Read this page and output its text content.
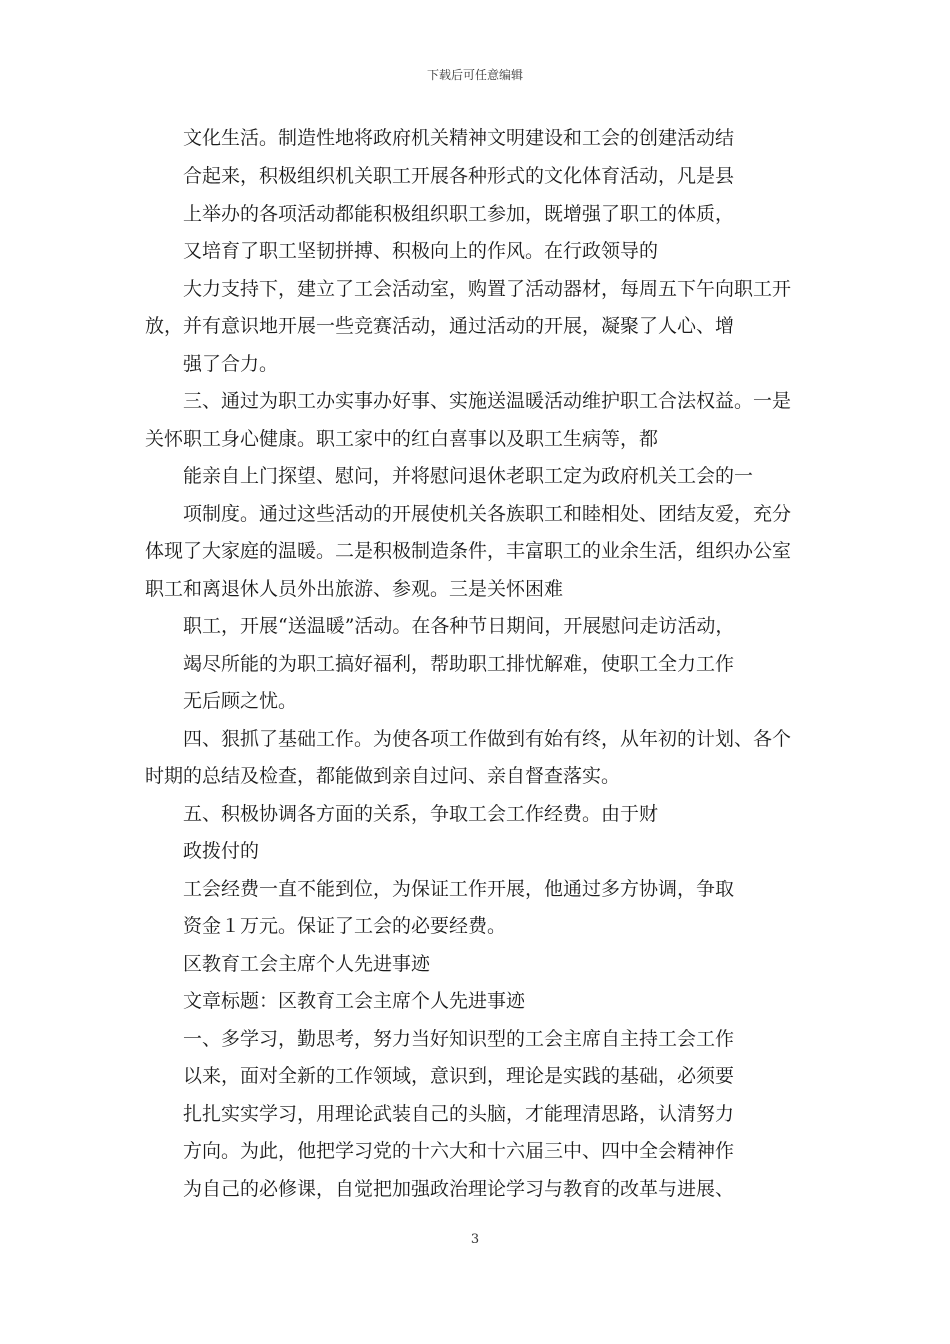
下载后可任意编辑
文化生活。制造性地将政府机关精神文明建设和工会的创建活动结
合起来，积极组织机关职工开展各种形式的文化体育活动，凡是县
上举办的各项活动都能积极组织职工参加，既增强了职工的体质，
又培育了职工坚韧拼搏、积极向上的作风。在行政领导的
大力支持下，建立了工会活动室，购置了活动器材，每周五下午向职工开
放，并有意识地开展一些竞赛活动，通过活动的开展，凝聚了人心、增
强了合力。
三、通过为职工办实事办好事、实施送温暖活动维护职工合法权益。一是
关怀职工身心健康。职工家中的红白喜事以及职工生病等，都
能亲自上门探望、慰问，并将慰问退休老职工定为政府机关工会的一
项制度。通过这些活动的开展使机关各族职工和睦相处、团结友爱，充分
体现了大家庭的温暖。二是积极制造条件，丰富职工的业余生活，组织办公室
职工和离退休人员外出旅游、参观。三是关怀困难
职工，开展“送温暖”活动。在各种节日期间，开展慰问走访活动，
竭尽所能的为职工搞好福利，帮助职工排忧解难，使职工全力工作
无后顾之忧。
四、狠抓了基础工作。为使各项工作做到有始有终，从年初的计划、各个
时期的总结及检查，都能做到亲自过问、亲自督查落实。
五、积极协调各方面的关系，争取工会工作经费。由于财
政拨付的
工会经费一直不能到位，为保证工作开展，他通过多方协调，争取
资金１万元。保证了工会的必要经费。
区教育工会主席个人先进事迹
文章标题：区教育工会主席个人先进事迹
一、多学习，勤思考，努力当好知识型的工会主席自主持工会工作
以来，面对全新的工作领域，意识到，理论是实践的基础，必须要
扎扎实实学习，用理论武装自己的头脑，才能理清思路，认清努力
方向。为此，他把学习党的十六大和十六届三中、四中全会精神作
为自己的必修课，自觉把加强政治理论学习与教育的改革与进展、
3
